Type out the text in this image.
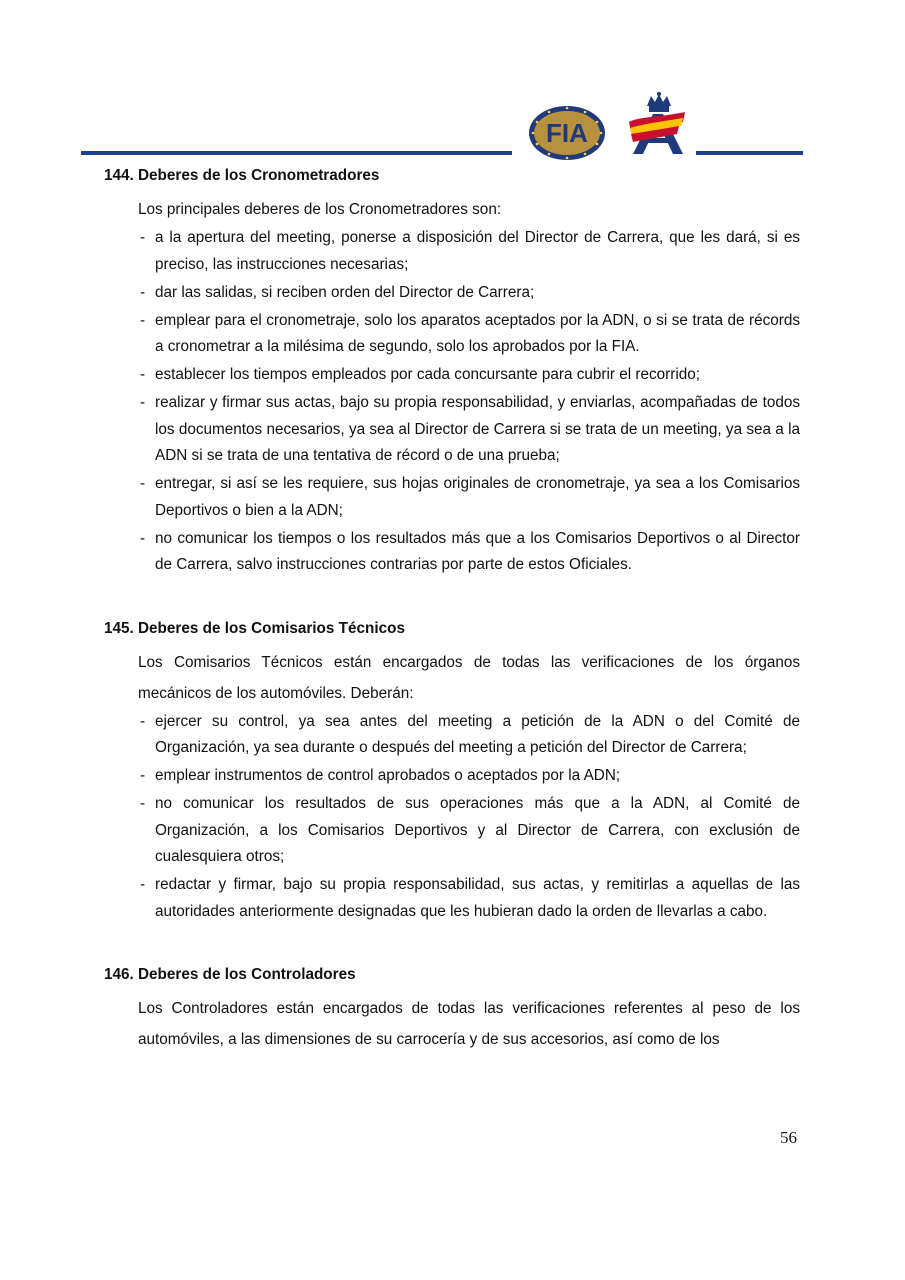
FIA
144. Deberes de los Cronometradores
Los principales deberes de los Cronometradores son:
- a la apertura del meeting, ponerse a disposición del Director de Carrera, que les dará, si es preciso, las instrucciones necesarias;
- dar las salidas, si reciben orden del Director de Carrera;
- emplear para el cronometraje, solo los aparatos aceptados por la ADN, o si se trata de récords a cronometrar a la milésima de segundo, solo los aprobados por la FIA.
- establecer los tiempos empleados por cada concursante para cubrir el recorrido;
- realizar y firmar sus actas, bajo su propia responsabilidad, y enviarlas, acompañadas de todos los documentos necesarios, ya sea al Director de Carrera si se trata de un meeting, ya sea a la ADN si se trata de una tentativa de récord o de una prueba;
- entregar, si así se les requiere, sus hojas originales de cronometraje, ya sea a los Comisarios Deportivos o bien a la ADN;
- no comunicar los tiempos o los resultados más que a los Comisarios Deportivos o al Director de Carrera, salvo instrucciones contrarias por parte de estos Oficiales.
145. Deberes de los Comisarios Técnicos
Los Comisarios Técnicos están encargados de todas las verificaciones de los órganos mecánicos de los automóviles. Deberán:
- ejercer su control, ya sea antes del meeting a petición de la ADN o del Comité de Organización, ya sea durante o después del meeting a petición del Director de Carrera;
- emplear instrumentos de control aprobados o aceptados por la ADN;
- no comunicar los resultados de sus operaciones más que a la ADN, al Comité de Organización, a los Comisarios Deportivos y al Director de Carrera, con exclusión de cualesquiera otros;
- redactar y firmar, bajo su propia responsabilidad, sus actas, y remitirlas a aquellas de las autoridades anteriormente designadas que les hubieran dado la orden de llevarlas a cabo.
146. Deberes de los Controladores
Los Controladores están encargados de todas las verificaciones referentes al peso de los automóviles, a las dimensiones de su carrocería y de sus accesorios, así como de los
56
